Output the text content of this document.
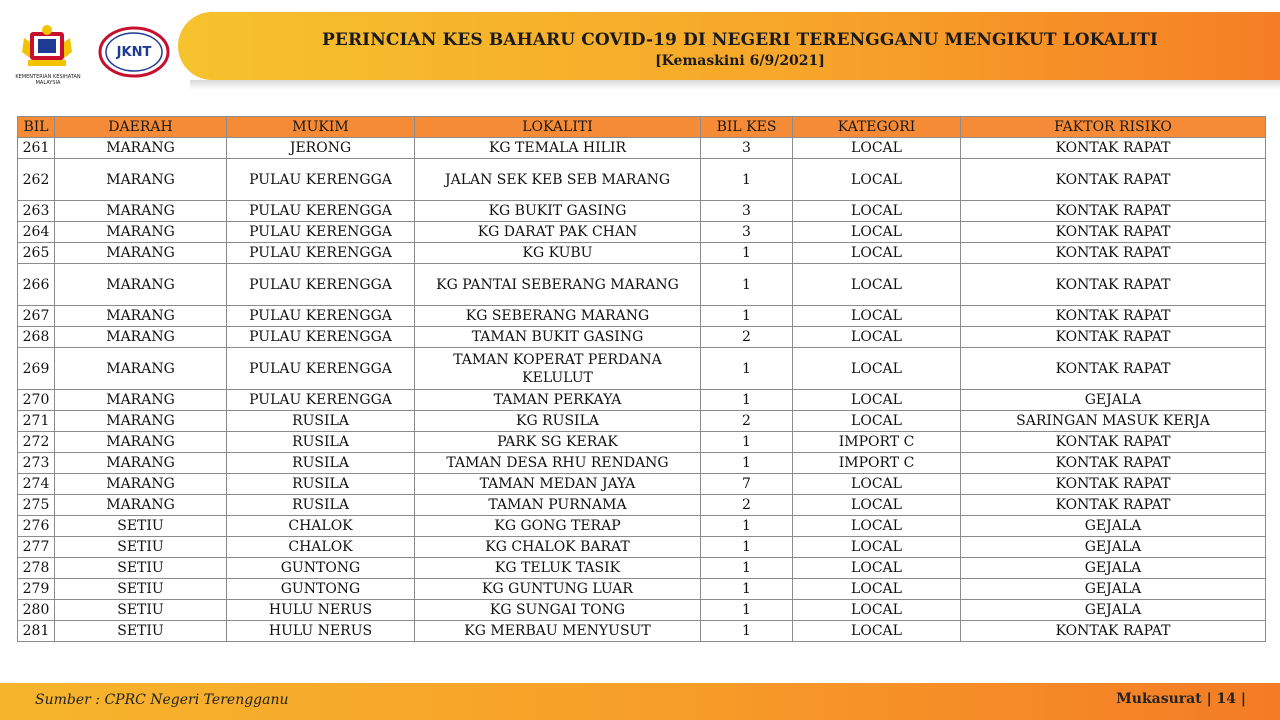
KEMENTERIAN KESIHATAN MALAYSIA
JKNT
PERINCIAN KES BAHARU COVID-19 DI NEGERI TERENGGANU MENGIKUT LOKALITI
[Kemaskini 6/9/2021]
BIL	DAERAH	MUKIM	LOKALITI	BIL KES	KATEGORI	FAKTOR RISIKO
261	MARANG	JERONG	KG TEMALA HILIR	3	LOCAL	KONTAK RAPAT
262	MARANG	PULAU KERENGGA	JALAN SEK KEB SEB MARANG	1	LOCAL	KONTAK RAPAT
263	MARANG	PULAU KERENGGA	KG BUKIT GASING	3	LOCAL	KONTAK RAPAT
264	MARANG	PULAU KERENGGA	KG DARAT PAK CHAN	3	LOCAL	KONTAK RAPAT
265	MARANG	PULAU KERENGGA	KG KUBU	1	LOCAL	KONTAK RAPAT
266	MARANG	PULAU KERENGGA	KG PANTAI SEBERANG MARANG	1	LOCAL	KONTAK RAPAT
267	MARANG	PULAU KERENGGA	KG SEBERANG MARANG	1	LOCAL	KONTAK RAPAT
268	MARANG	PULAU KERENGGA	TAMAN BUKIT GASING	2	LOCAL	KONTAK RAPAT
269	MARANG	PULAU KERENGGA	TAMAN KOPERAT PERDANA KELULUT	1	LOCAL	KONTAK RAPAT
270	MARANG	PULAU KERENGGA	TAMAN PERKAYA	1	LOCAL	GEJALA
271	MARANG	RUSILA	KG RUSILA	2	LOCAL	SARINGAN MASUK KERJA
272	MARANG	RUSILA	PARK SG KERAK	1	IMPORT C	KONTAK RAPAT
273	MARANG	RUSILA	TAMAN DESA RHU RENDANG	1	IMPORT C	KONTAK RAPAT
274	MARANG	RUSILA	TAMAN MEDAN JAYA	7	LOCAL	KONTAK RAPAT
275	MARANG	RUSILA	TAMAN PURNAMA	2	LOCAL	KONTAK RAPAT
276	SETIU	CHALOK	KG GONG TERAP	1	LOCAL	GEJALA
277	SETIU	CHALOK	KG CHALOK BARAT	1	LOCAL	GEJALA
278	SETIU	GUNTONG	KG TELUK TASIK	1	LOCAL	GEJALA
279	SETIU	GUNTONG	KG GUNTUNG LUAR	1	LOCAL	GEJALA
280	SETIU	HULU NERUS	KG SUNGAI TONG	1	LOCAL	GEJALA
281	SETIU	HULU NERUS	KG MERBAU MENYUSUT	1	LOCAL	KONTAK RAPAT
Sumber : CPRC Negeri Terengganu	Mukasurat | 14 |
